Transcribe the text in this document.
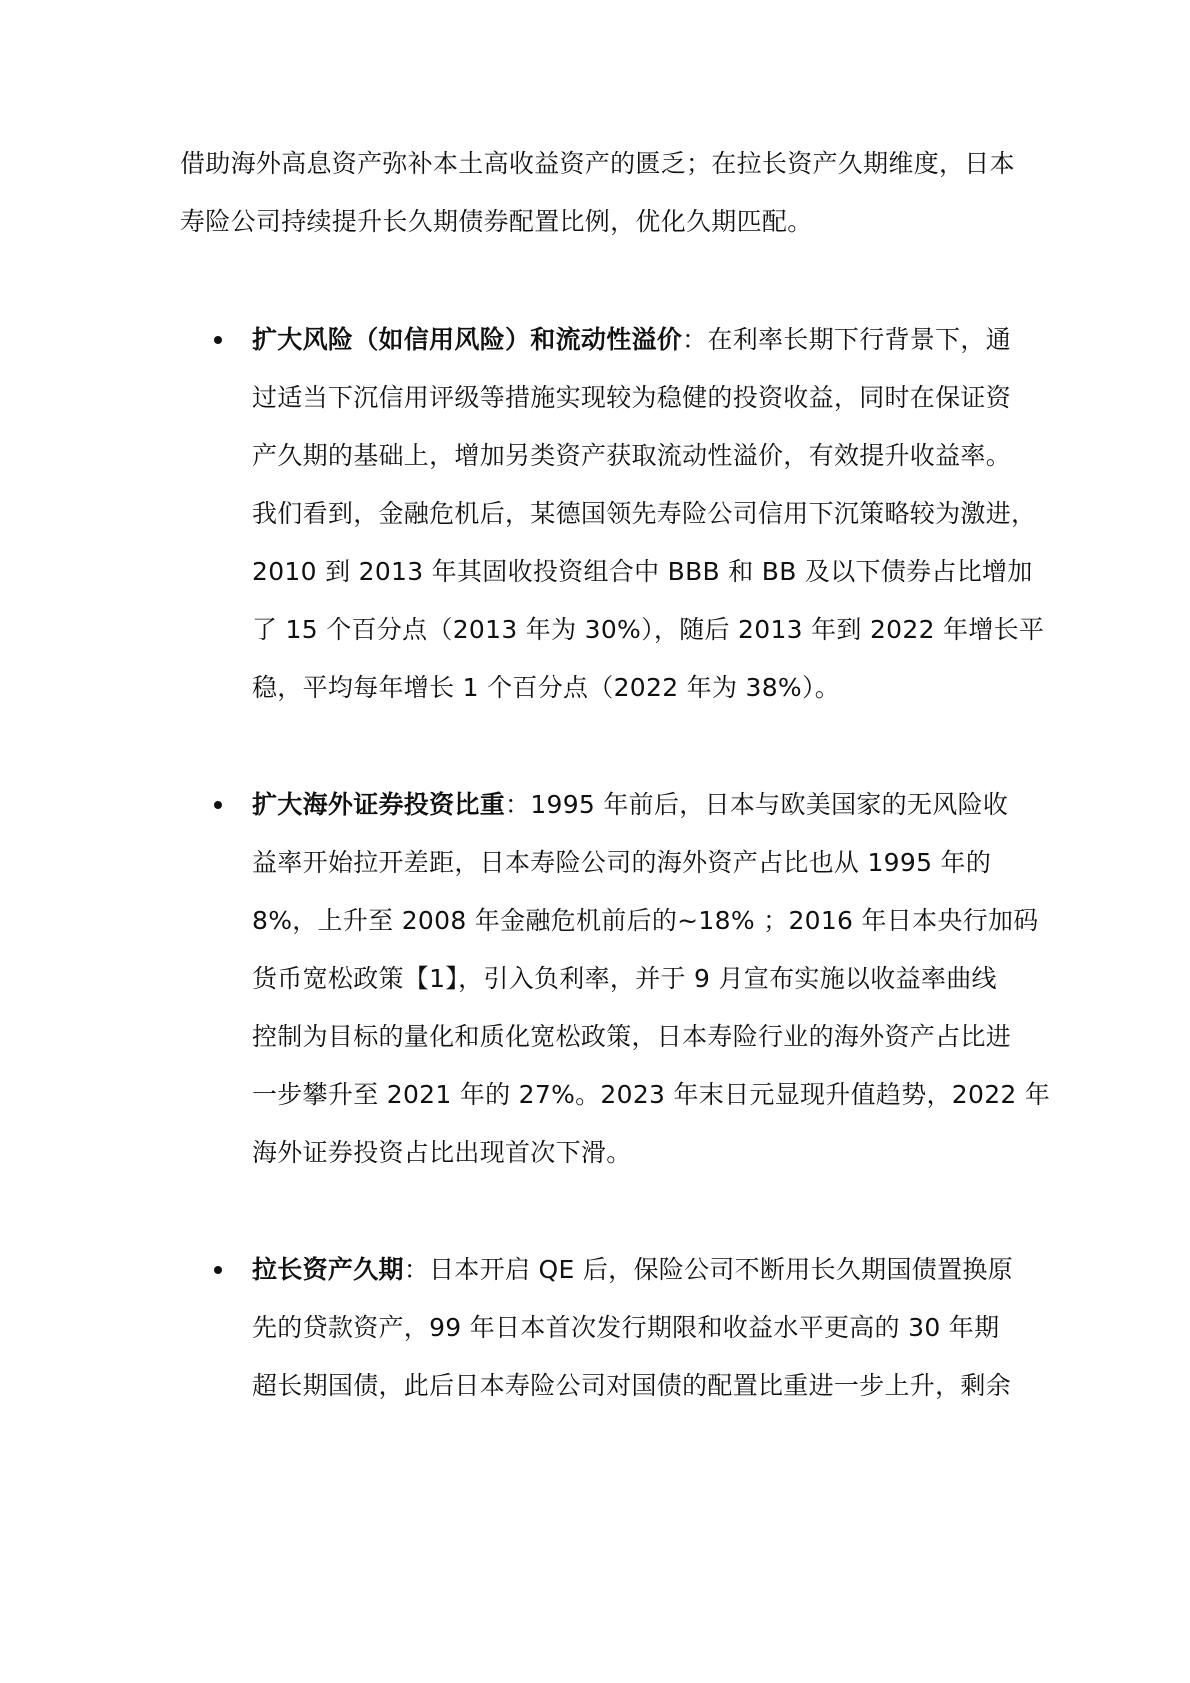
借助海外高息资产弥补本土高收益资产的匮乏；在拉长资产久期维度，日本
寿险公司持续提升长久期债券配置比例，优化久期匹配。
扩大风险（如信用风险）和流动性溢价：在利率长期下行背景下，通
过适当下沉信用评级等措施实现较为稳健的投资收益，同时在保证资
产久期的基础上，增加另类资产获取流动性溢价，有效提升收益率。
我们看到，金融危机后，某德国领先寿险公司信用下沉策略较为激进，
2010 到 2013 年其固收投资组合中 BBB 和 BB 及以下债券占比增加
了 15 个百分点（2013 年为 30%），随后 2013 年到 2022 年增长平
稳，平均每年增长 1 个百分点（2022 年为 38%）。
扩大海外证券投资比重：1995 年前后，日本与欧美国家的无风险收
益率开始拉开差距，日本寿险公司的海外资产占比也从 1995 年的
8%，上升至 2008 年金融危机前后的~18% ；2016 年日本央行加码
货币宽松政策【1】，引入负利率，并于 9 月宣布实施以收益率曲线
控制为目标的量化和质化宽松政策，日本寿险行业的海外资产占比进
一步攀升至 2021 年的 27%。2023 年末日元显现升值趋势，2022 年
海外证券投资占比出现首次下滑。
拉长资产久期：日本开启 QE 后，保险公司不断用长久期国债置换原
先的贷款资产，99 年日本首次发行期限和收益水平更高的 30 年期
超长期国债，此后日本寿险公司对国债的配置比重进一步上升，剩余
